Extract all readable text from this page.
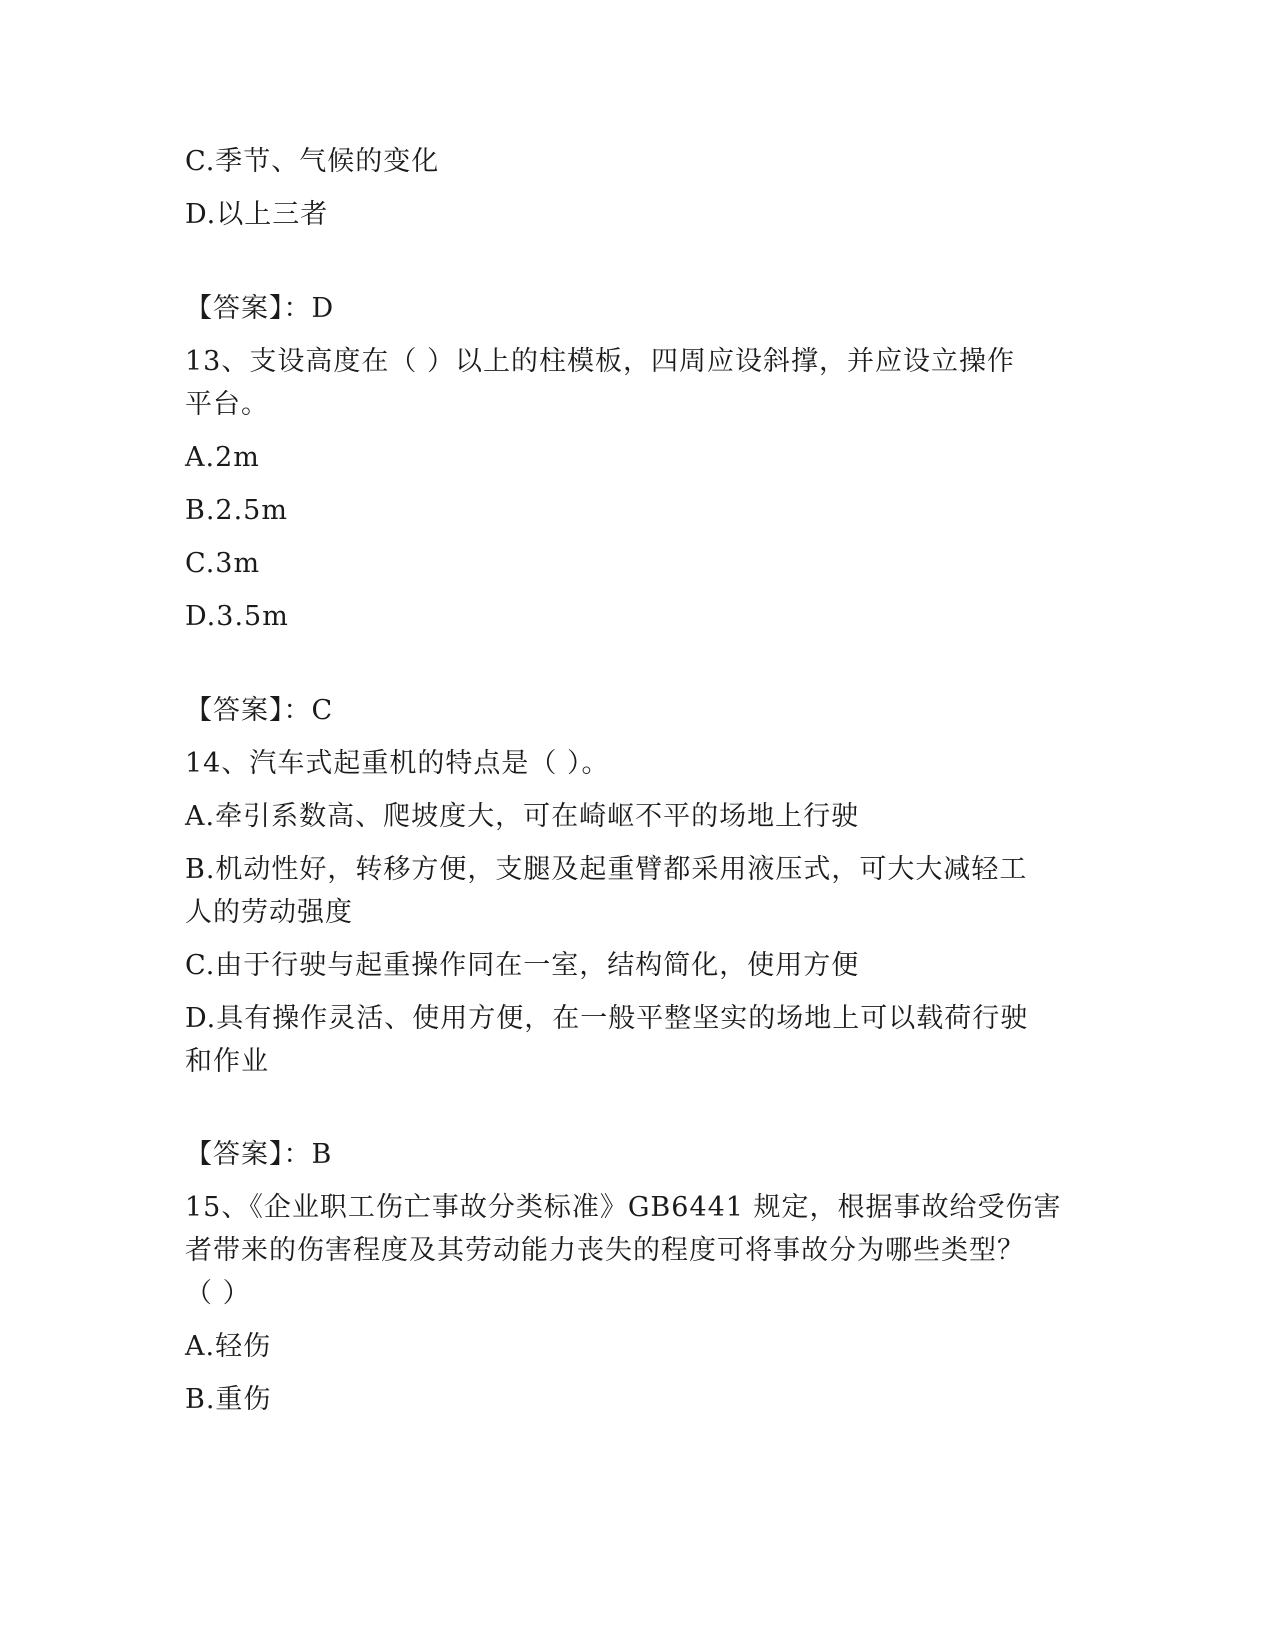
C.季节、气候的变化
D.以上三者
【答案】：D
13、支设高度在（ ）以上的柱模板，四周应设斜撑，并应设立操作
平台。
A.2m
B.2.5m
C.3m
D.3.5m
【答案】：C
14、汽车式起重机的特点是（ ）。
A.牵引系数高、爬坡度大，可在崎岖不平的场地上行驶
B.机动性好，转移方便，支腿及起重臂都采用液压式，可大大减轻工
人的劳动强度
C.由于行驶与起重操作同在一室，结构简化，使用方便
D.具有操作灵活、使用方便，在一般平整坚实的场地上可以载荷行驶
和作业
【答案】：B
15、《企业职工伤亡事故分类标准》GB6441 规定，根据事故给受伤害
者带来的伤害程度及其劳动能力丧失的程度可将事故分为哪些类型？
（ ）
A.轻伤
B.重伤
